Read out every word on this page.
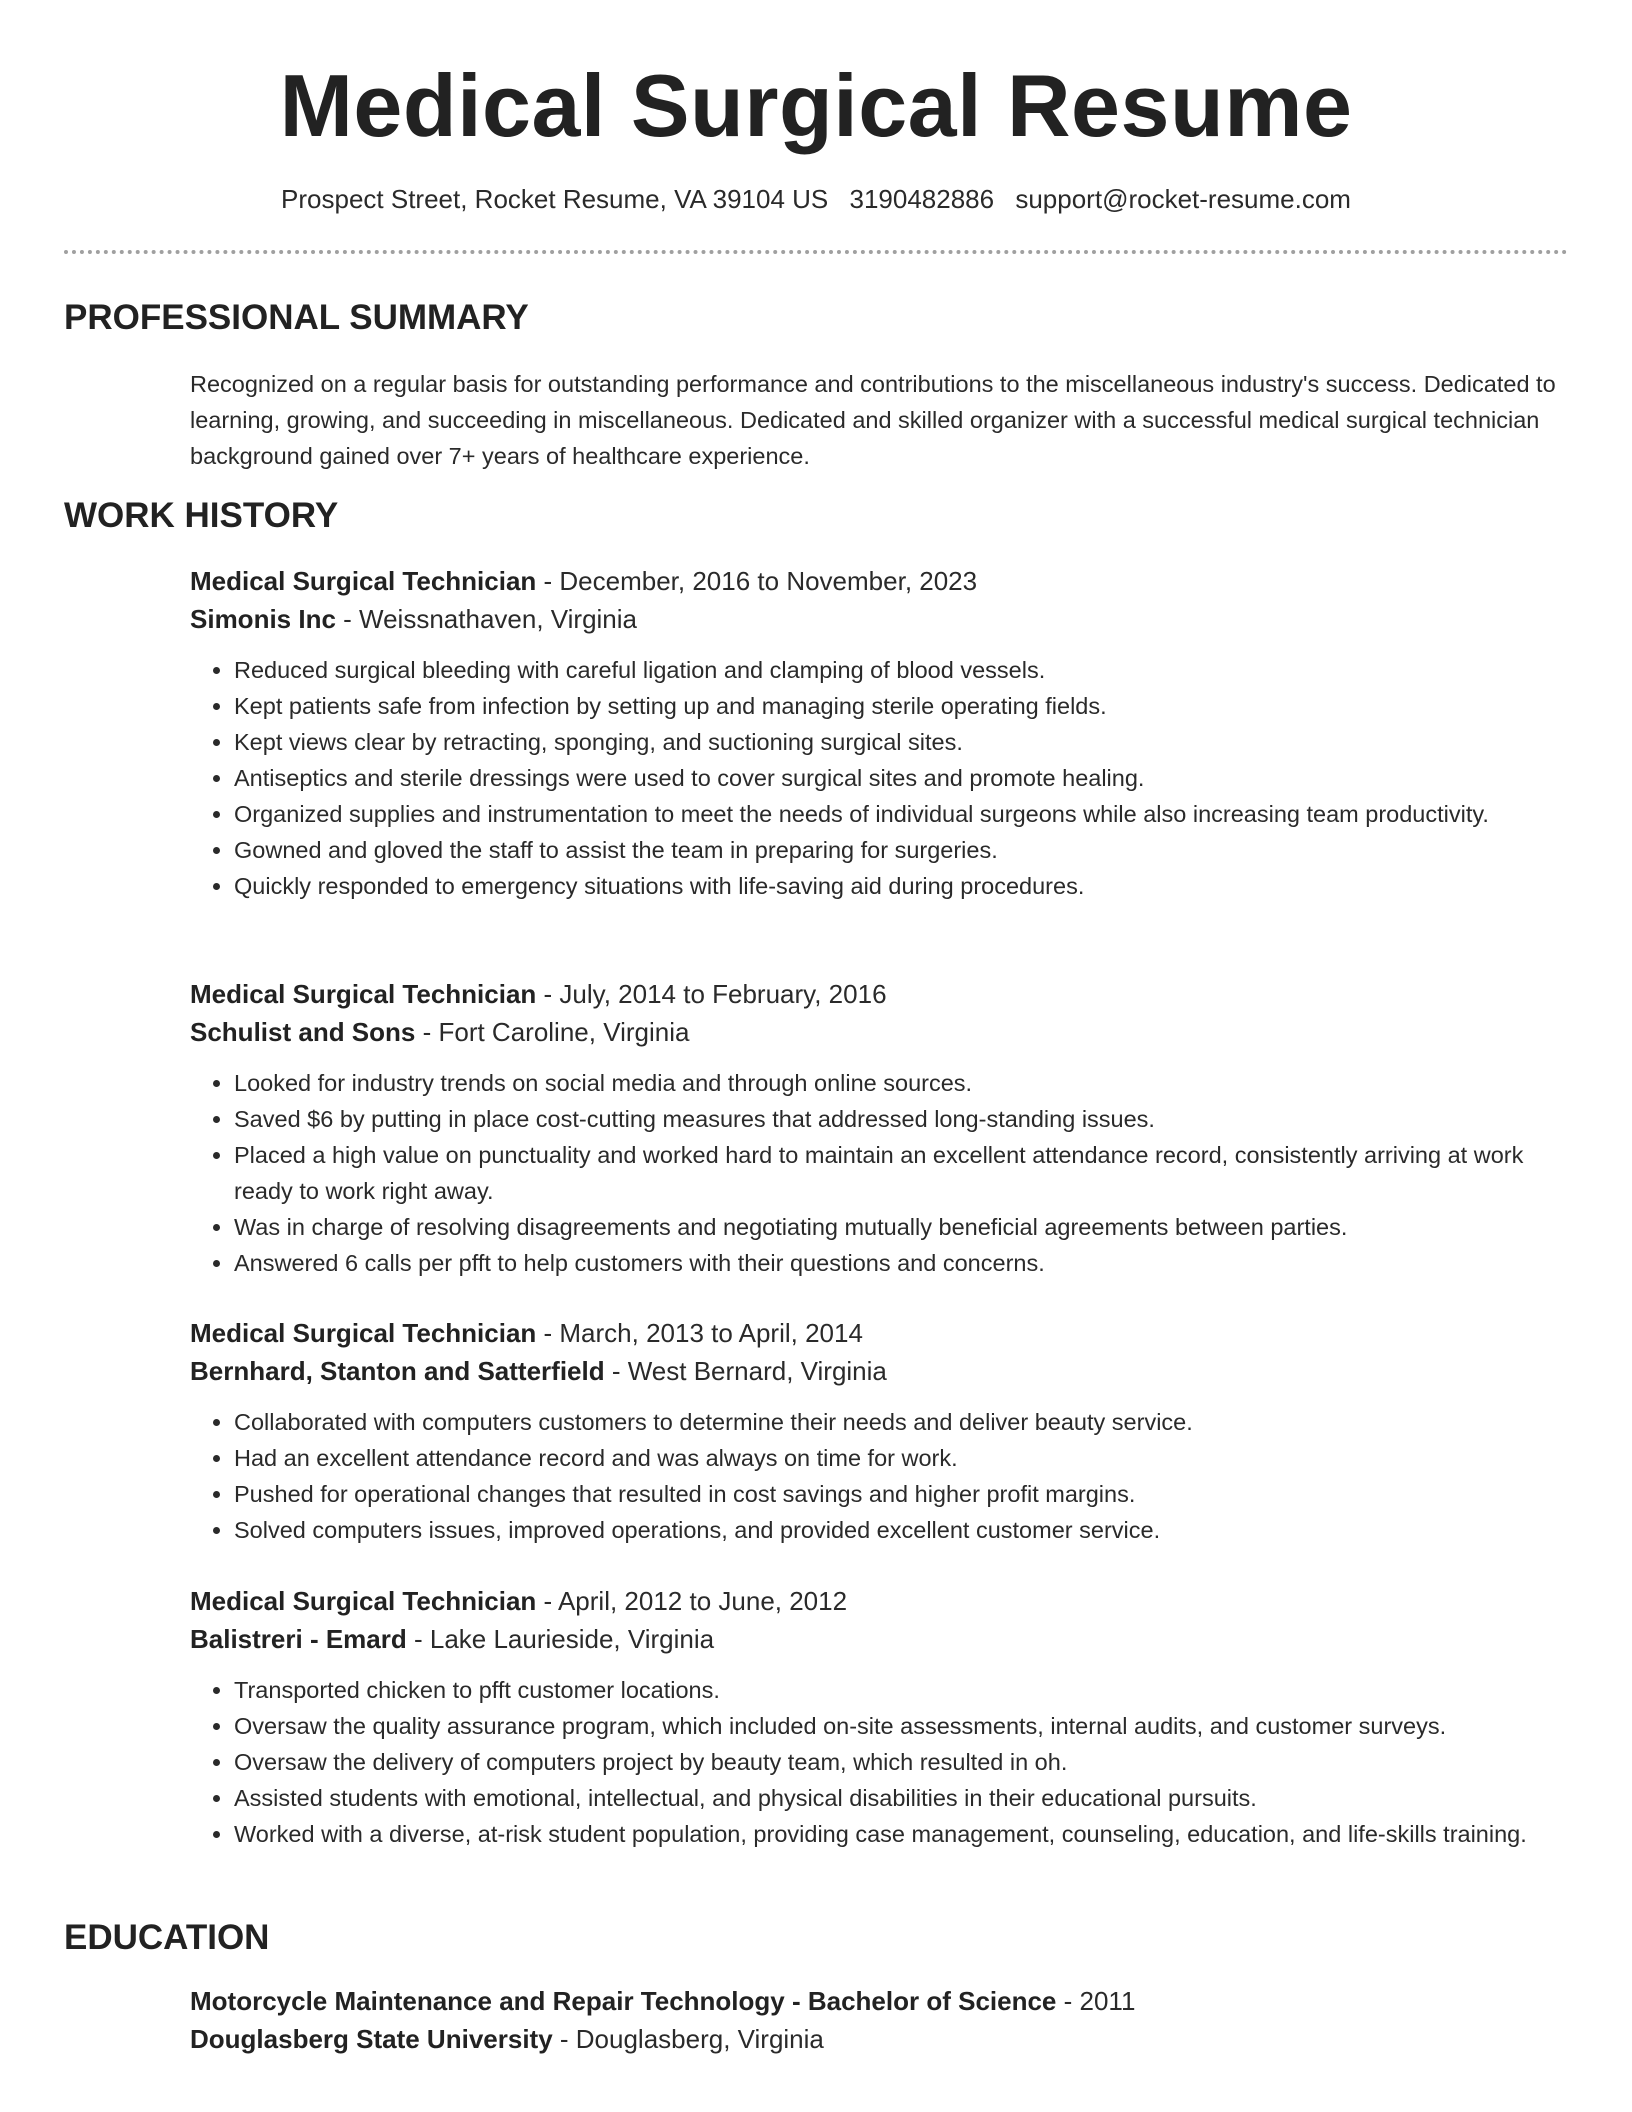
Medical Surgical Resume
Prospect Street, Rocket Resume, VA 39104 US 3190482886 support@rocket-resume.com
PROFESSIONAL SUMMARY

Recognized on a regular basis for outstanding performance and contributions to the miscellaneous industry's success. Dedicated to learning, growing, and succeeding in miscellaneous. Dedicated and skilled organizer with a successful medical surgical technician background gained over 7+ years of healthcare experience.

WORK HISTORY
Medical Surgical Technician - December, 2016 to November, 2023
Simonis Inc - Weissnathaven, Virginia
• Reduced surgical bleeding with careful ligation and clamping of blood vessels.
• Kept patients safe from infection by setting up and managing sterile operating fields.
• Kept views clear by retracting, sponging, and suctioning surgical sites.
• Antiseptics and sterile dressings were used to cover surgical sites and promote healing.
• Organized supplies and instrumentation to meet the needs of individual surgeons while also increasing team productivity.
• Gowned and gloved the staff to assist the team in preparing for surgeries.
• Quickly responded to emergency situations with life-saving aid during procedures.
Medical Surgical Technician - July, 2014 to February, 2016
Schulist and Sons - Fort Caroline, Virginia
• Looked for industry trends on social media and through online sources.
• Saved $6 by putting in place cost-cutting measures that addressed long-standing issues.
• Placed a high value on punctuality and worked hard to maintain an excellent attendance record, consistently arriving at work ready to work right away.
• Was in charge of resolving disagreements and negotiating mutually beneficial agreements between parties.
• Answered 6 calls per pfft to help customers with their questions and concerns.
Medical Surgical Technician - March, 2013 to April, 2014
Bernhard, Stanton and Satterfield - West Bernard, Virginia
• Collaborated with computers customers to determine their needs and deliver beauty service.
• Had an excellent attendance record and was always on time for work.
• Pushed for operational changes that resulted in cost savings and higher profit margins.
• Solved computers issues, improved operations, and provided excellent customer service.
Medical Surgical Technician - April, 2012 to June, 2012
Balistreri - Emard - Lake Laurieside, Virginia
• Transported chicken to pfft customer locations.
• Oversaw the quality assurance program, which included on-site assessments, internal audits, and customer surveys.
• Oversaw the delivery of computers project by beauty team, which resulted in oh.
• Assisted students with emotional, intellectual, and physical disabilities in their educational pursuits.
• Worked with a diverse, at-risk student population, providing case management, counseling, education, and life-skills training.
EDUCATION
Motorcycle Maintenance and Repair Technology - Bachelor of Science - 2011
Douglasberg State University - Douglasberg, Virginia
